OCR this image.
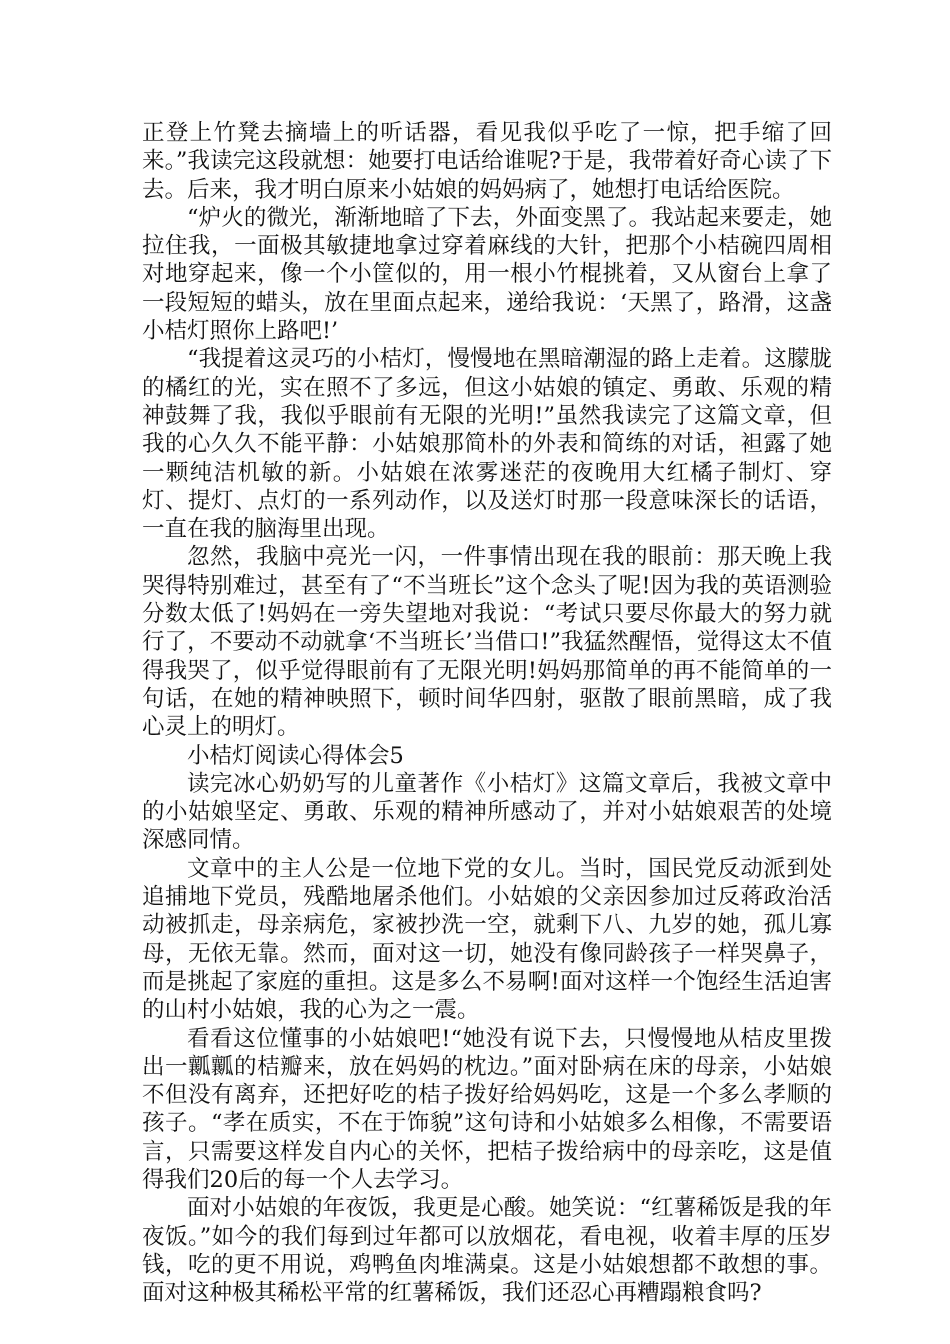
正登上竹凳去摘墙上的听话器，看见我似乎吃了一惊，把手缩了回来。”我读完这段就想：她要打电话给谁呢?于是，我带着好奇心读了下去。后来，我才明白原来小姑娘的妈妈病了，她想打电话给医院。

“炉火的微光，渐渐地暗了下去，外面变黑了。我站起来要走，她拉住我，一面极其敏捷地拿过穿着麻线的大针，把那个小桔碗四周相对地穿起来，像一个小筐似的，用一根小竹棍挑着，又从窗台上拿了一段短短的蜡头，放在里面点起来，递给我说：‘天黑了，路滑，这盏小桔灯照你上路吧!’

“我提着这灵巧的小桔灯，慢慢地在黑暗潮湿的路上走着。这朦胧的橘红的光，实在照不了多远，但这小姑娘的镇定、勇敢、乐观的精神鼓舞了我，我似乎眼前有无限的光明!”虽然我读完了这篇文章，但我的心久久不能平静：小姑娘那简朴的外表和简练的对话，袒露了她一颗纯洁机敏的新。小姑娘在浓雾迷茫的夜晚用大红橘子制灯、穿灯、提灯、点灯的一系列动作，以及送灯时那一段意味深长的话语，一直在我的脑海里出现。

忽然，我脑中亮光一闪，一件事情出现在我的眼前：那天晚上我哭得特别难过，甚至有了“不当班长”这个念头了呢!因为我的英语测验分数太低了!妈妈在一旁失望地对我说：“考试只要尽你最大的努力就行了，不要动不动就拿‘不当班长’当借口!”我猛然醒悟，觉得这太不值得我哭了，似乎觉得眼前有了无限光明!妈妈那简单的再不能简单的一句话，在她的精神映照下，顿时间华四射，驱散了眼前黑暗，成了我心灵上的明灯。

小桔灯阅读心得体会5

读完冰心奶奶写的儿童著作《小桔灯》这篇文章后，我被文章中的小姑娘坚定、勇敢、乐观的精神所感动了，并对小姑娘艰苦的处境深感同情。

文章中的主人公是一位地下党的女儿。当时，国民党反动派到处追捕地下党员，残酷地屠杀他们。小姑娘的父亲因参加过反蒋政治活动被抓走，母亲病危，家被抄洗一空，就剩下八、九岁的她，孤儿寡母，无依无靠。然而，面对这一切，她没有像同龄孩子一样哭鼻子，而是挑起了家庭的重担。这是多么不易啊!面对这样一个饱经生活迫害的山村小姑娘，我的心为之一震。

看看这位懂事的小姑娘吧!“她没有说下去，只慢慢地从桔皮里拨出一瓤瓤的桔瓣来，放在妈妈的枕边。”面对卧病在床的母亲，小姑娘不但没有离弃，还把好吃的桔子拨好给妈妈吃，这是一个多么孝顺的孩子。“孝在质实，不在于饰貌”这句诗和小姑娘多么相像，不需要语言，只需要这样发自内心的关怀，把桔子拨给病中的母亲吃，这是值得我们20后的每一个人去学习。

面对小姑娘的年夜饭，我更是心酸。她笑说：“红薯稀饭是我的年夜饭。”如今的我们每到过年都可以放烟花，看电视，收着丰厚的压岁钱，吃的更不用说，鸡鸭鱼肉堆满桌。这是小姑娘想都不敢想的事。面对这种极其稀松平常的红薯稀饭，我们还忍心再糟蹋粮食吗?
